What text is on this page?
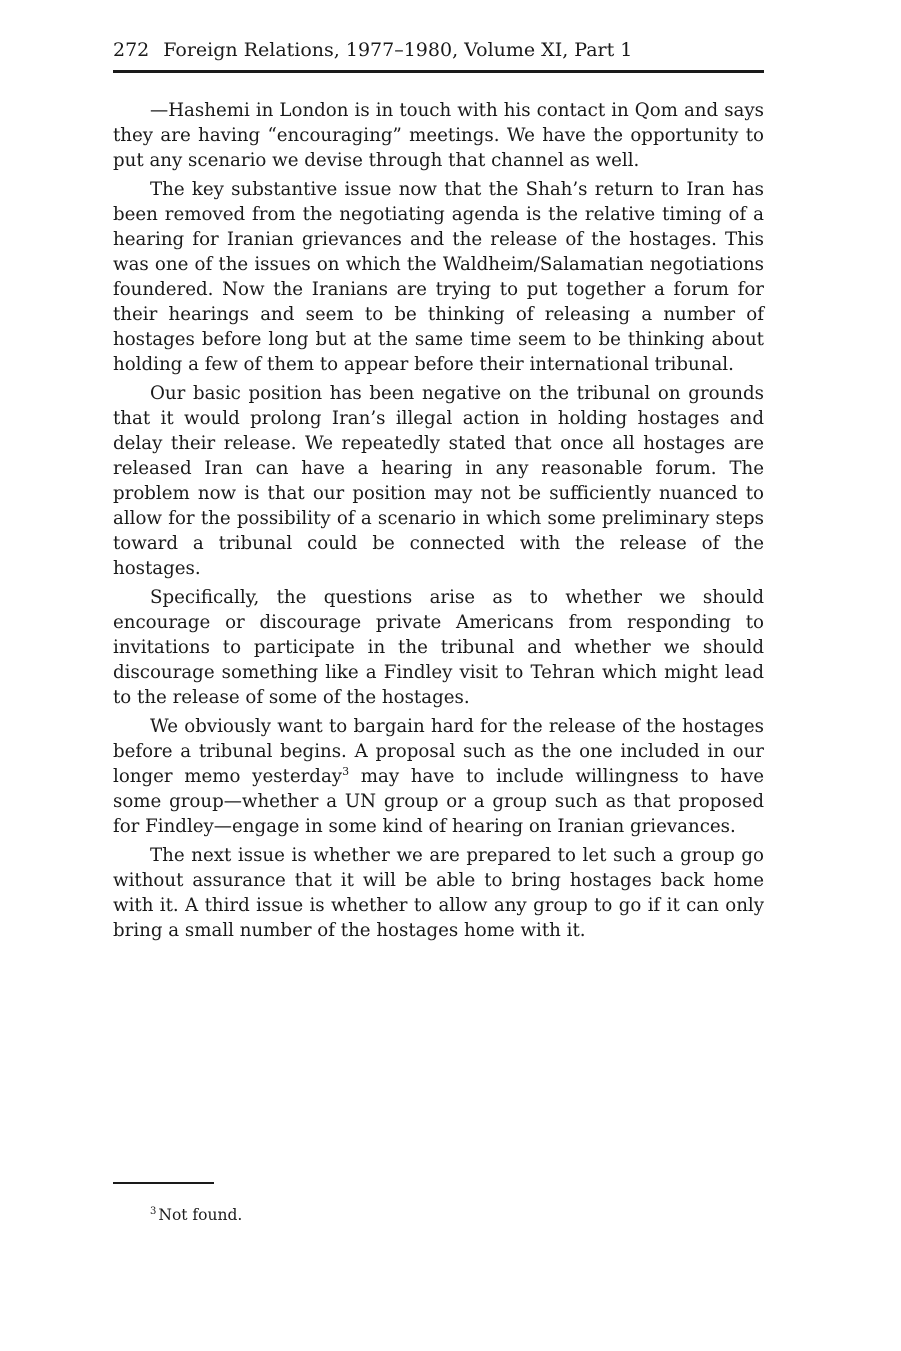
272 Foreign Relations, 1977–1980, Volume XI, Part 1

—Hashemi in London is in touch with his contact in Qom and says they are having “encouraging” meetings. We have the opportunity to put any scenario we devise through that channel as well.

The key substantive issue now that the Shah’s return to Iran has been removed from the negotiating agenda is the relative timing of a hearing for Iranian grievances and the release of the hostages. This was one of the issues on which the Waldheim/Salamatian negotiations foundered. Now the Iranians are trying to put together a forum for their hearings and seem to be thinking of releasing a number of hostages before long but at the same time seem to be thinking about holding a few of them to appear before their international tribunal.

Our basic position has been negative on the tribunal on grounds that it would prolong Iran’s illegal action in holding hostages and delay their release. We repeatedly stated that once all hostages are released Iran can have a hearing in any reasonable forum. The problem now is that our position may not be sufficiently nuanced to allow for the possibility of a scenario in which some preliminary steps toward a tribunal could be connected with the release of the hostages.

Specifically, the questions arise as to whether we should encourage or discourage private Americans from responding to invitations to participate in the tribunal and whether we should discourage something like a Findley visit to Tehran which might lead to the release of some of the hostages.

We obviously want to bargain hard for the release of the hostages before a tribunal begins. A proposal such as the one included in our longer memo yesterday$^3$ may have to include willingness to have some group—whether a UN group or a group such as that proposed for Findley—engage in some kind of hearing on Iranian grievances.

The next issue is whether we are prepared to let such a group go without assurance that it will be able to bring hostages back home with it. A third issue is whether to allow any group to go if it can only bring a small number of the hostages home with it.

$^3$ Not found.
